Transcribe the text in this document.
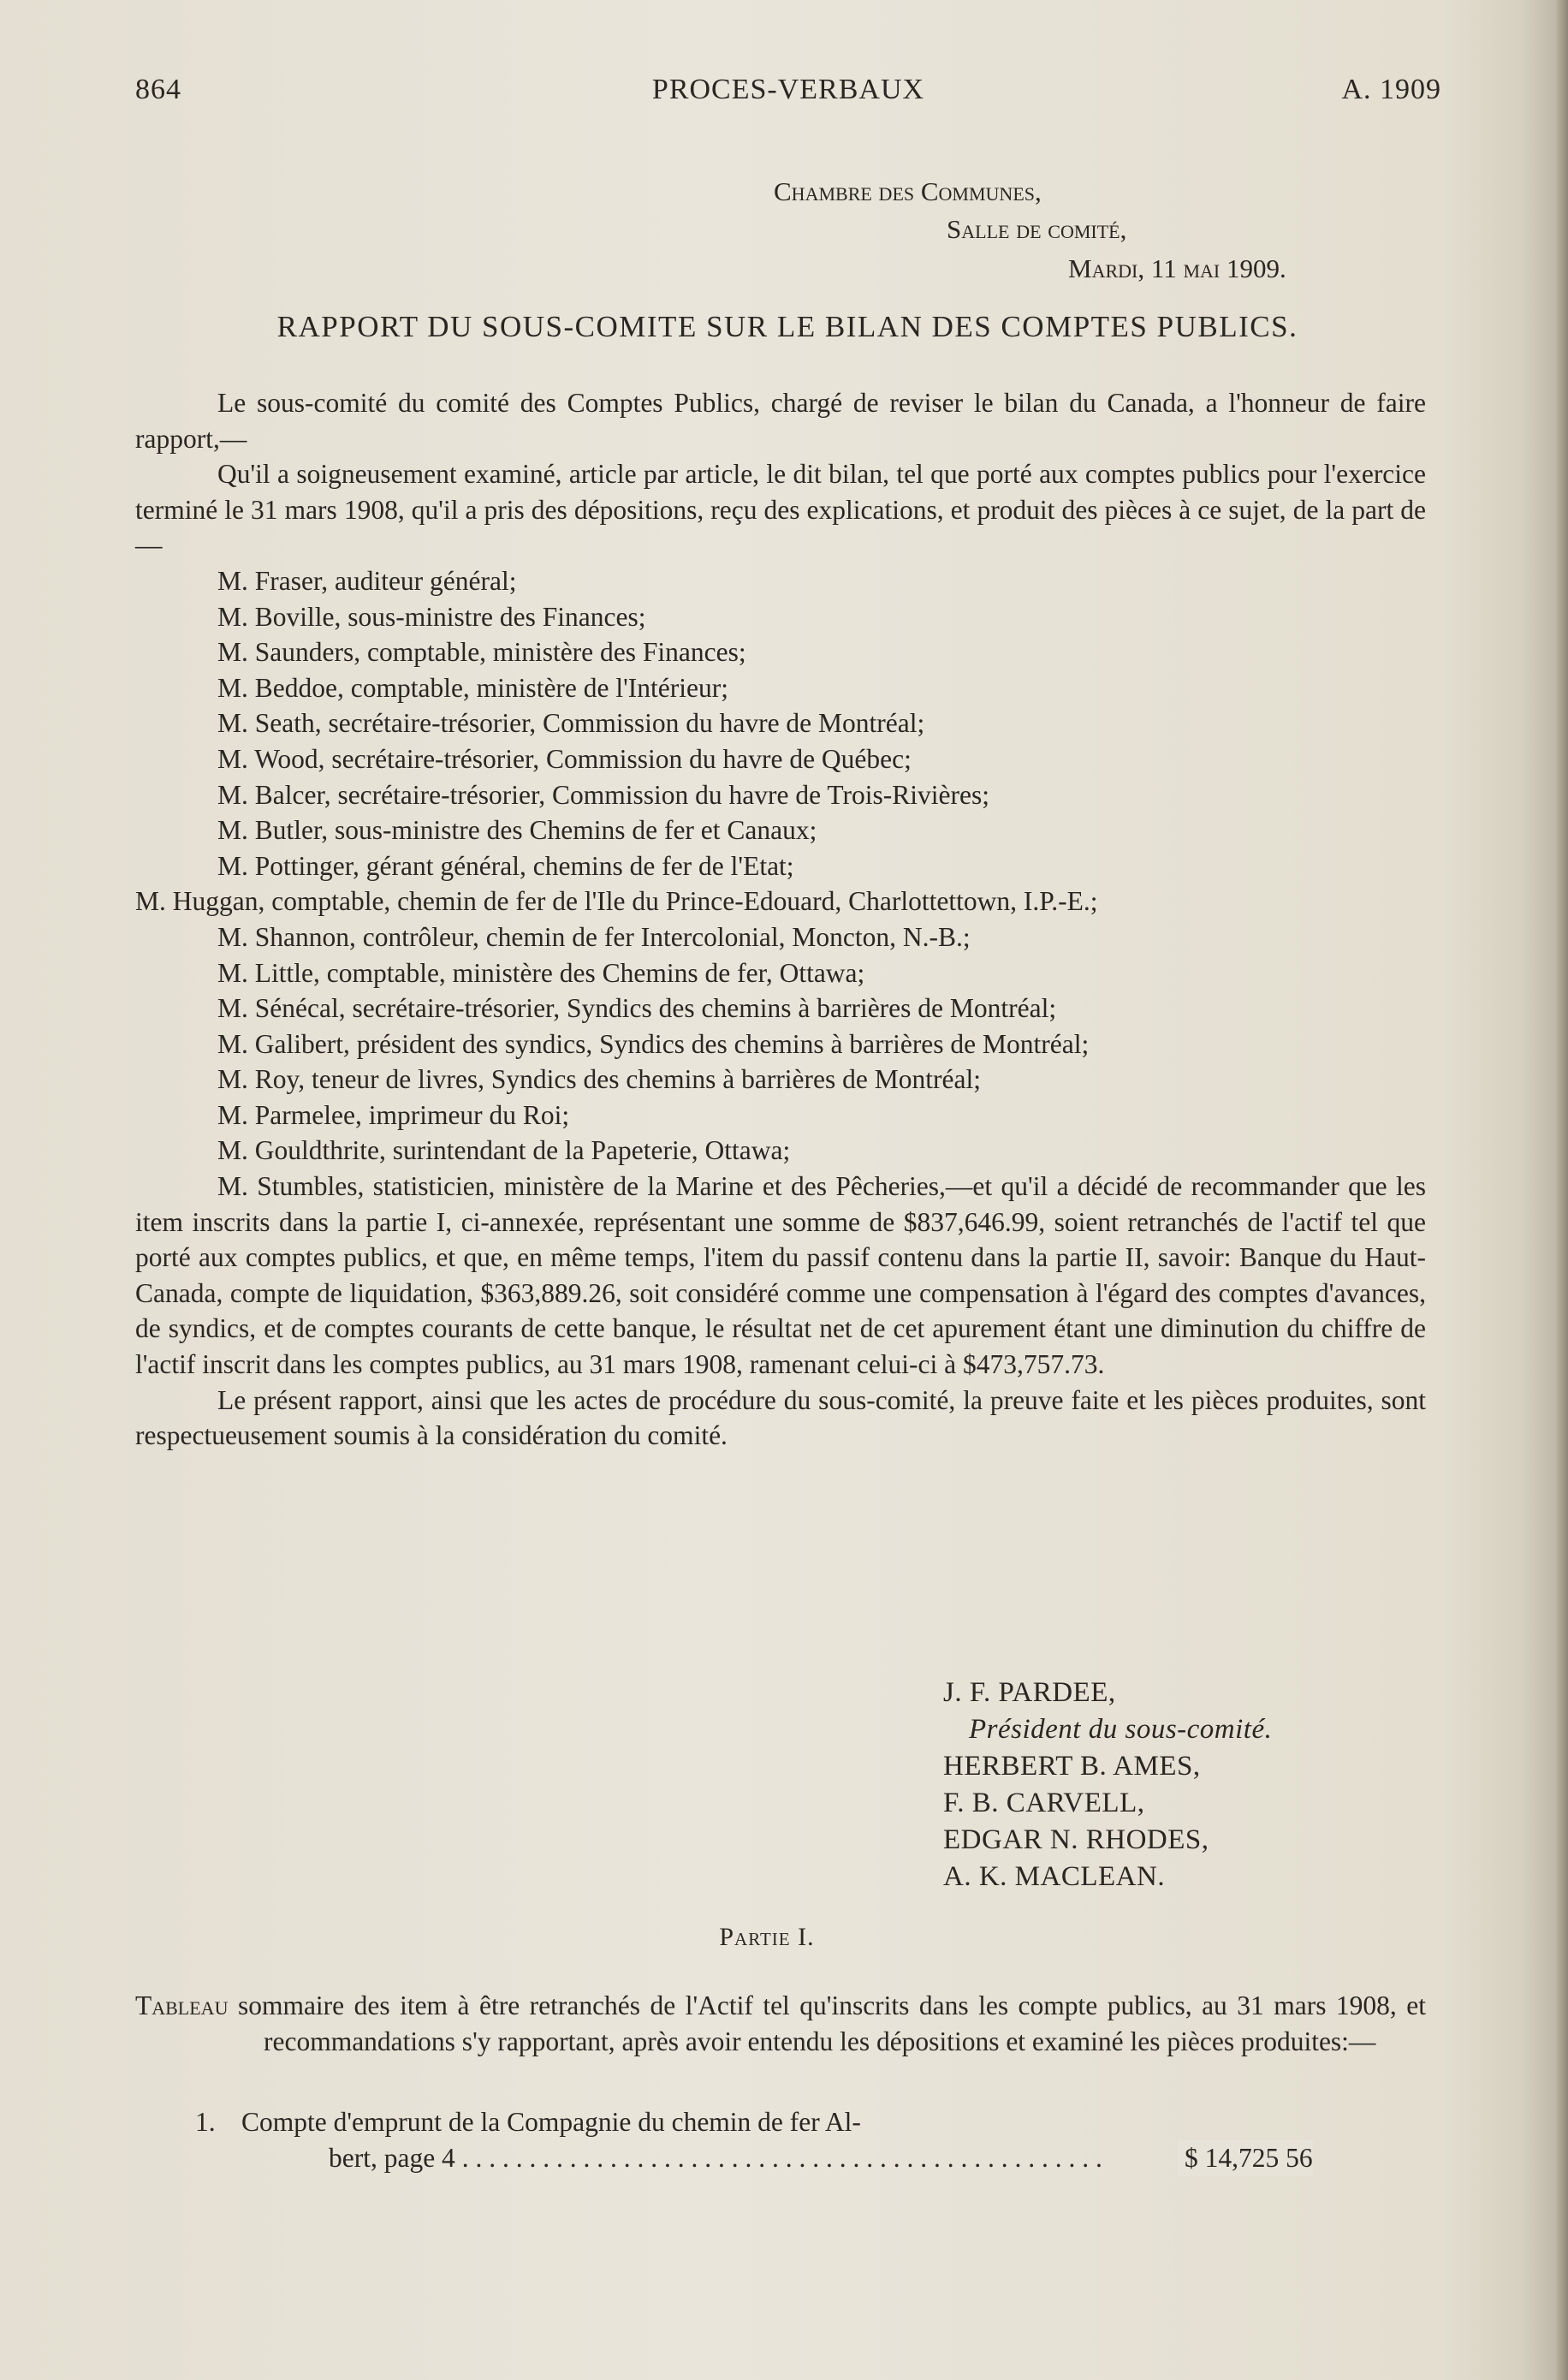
864	PROCES-VERBAUX	A. 1909
Chambre des Communes,
Salle de comité,
Mardi, 11 mai 1909.
RAPPORT DU SOUS-COMITE SUR LE BILAN DES COMPTES PUBLICS.

Le sous-comité du comité des Comptes Publics, chargé de reviser le bilan du Canada, a l'honneur de faire rapport,—

Qu'il a soigneusement examiné, article par article, le dit bilan, tel que porté aux comptes publics pour l'exercice terminé le 31 mars 1908, qu'il a pris des dépositions, reçu des explications, et produit des pièces à ce sujet, de la part de—

M. Fraser, auditeur général;

M. Boville, sous-ministre des Finances;

M. Saunders, comptable, ministère des Finances;

M. Beddoe, comptable, ministère de l'Intérieur;

M. Seath, secrétaire-trésorier, Commission du havre de Montréal;

M. Wood, secrétaire-trésorier, Commission du havre de Québec;

M. Balcer, secrétaire-trésorier, Commission du havre de Trois-Rivières;

M. Butler, sous-ministre des Chemins de fer et Canaux;

M. Pottinger, gérant général, chemins de fer de l'Etat;

M. Huggan, comptable, chemin de fer de l'Ile du Prince-Edouard, Charlottettown, I.P.-E.;

M. Shannon, contrôleur, chemin de fer Intercolonial, Moncton, N.-B.;

M. Little, comptable, ministère des Chemins de fer, Ottawa;

M. Sénécal, secrétaire-trésorier, Syndics des chemins à barrières de Montréal;

M. Galibert, président des syndics, Syndics des chemins à barrières de Montréal;

M. Roy, teneur de livres, Syndics des chemins à barrières de Montréal;

M. Parmelee, imprimeur du Roi;

M. Gouldthrite, surintendant de la Papeterie, Ottawa;

M. Stumbles, statisticien, ministère de la Marine et des Pêcheries,—et qu'il a décidé de recommander que les item inscrits dans la partie I, ci-annexée, représentant une somme de $837,646.99, soient retranchés de l'actif tel que porté aux comptes publics, et que, en même temps, l'item du passif contenu dans la partie II, savoir: Banque du Haut-Canada, compte de liquidation, $363,889.26, soit considéré comme une compensation à l'égard des comptes d'avances, de syndics, et de comptes courants de cette banque, le résultat net de cet apurement étant une diminution du chiffre de l'actif inscrit dans les comptes publics, au 31 mars 1908, ramenant celui-ci à $473,757.73.

Le présent rapport, ainsi que les actes de procédure du sous-comité, la preuve faite et les pièces produites, sont respectueusement soumis à la considération du comité.

J. F. PARDEE,
Président du sous-comité.
HERBERT B. AMES,
F. B. CARVELL,
EDGAR N. RHODES,
A. K. MACLEAN.
Partie I.

Tableau sommaire des item à être retranchés de l'Actif tel qu'inscrits dans les compte publics, au 31 mars 1908, et recommandations s'y rapportant, après avoir entendu les dépositions et examiné les pièces produites:—

1. Compte d'emprunt de la Compagnie du chemin de fer Al-
bert, page 4 . . . . . . . . . . . . . . . . . . . . . . . . . . . . . . . . . . . . . . . . . . . . . . . .	$ 14,725 56
